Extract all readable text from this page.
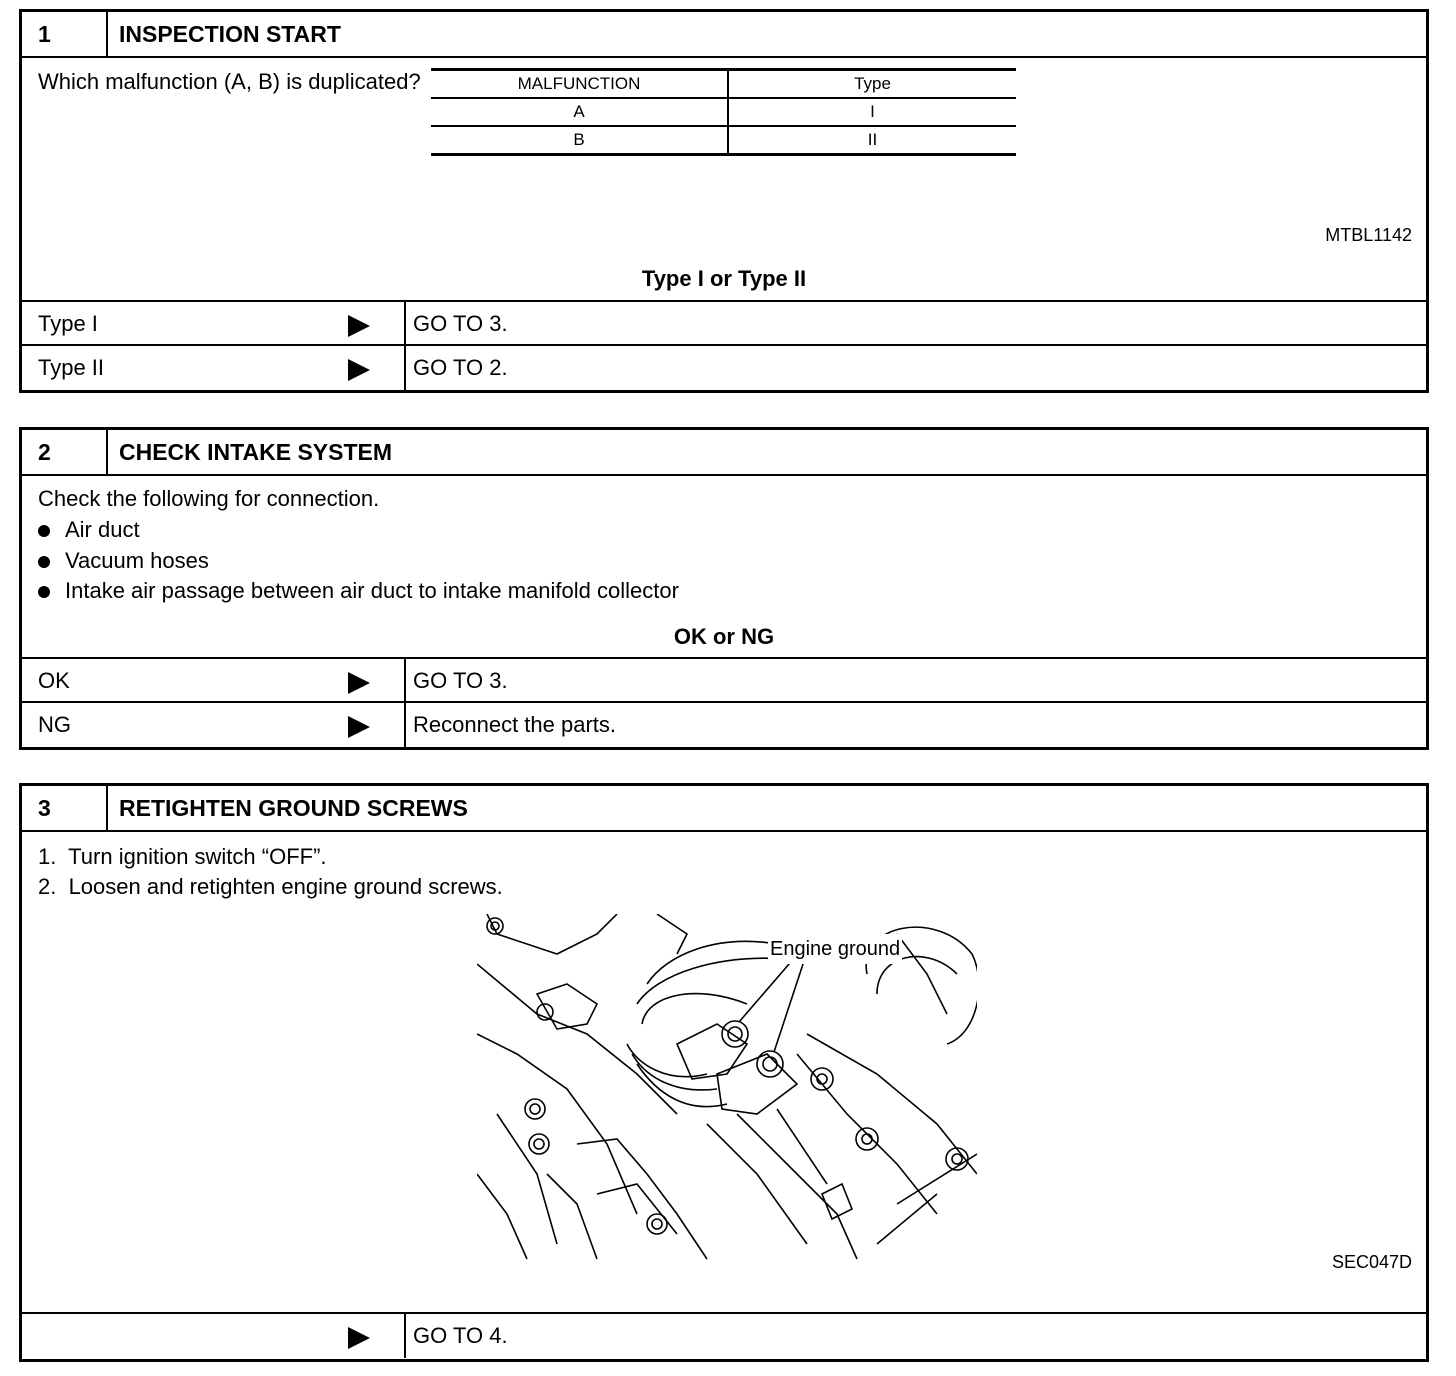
1	INSPECTION START
Which malfunction (A, B) is duplicated?	MALFUNCTION	Type
A	I
B	II
MTBL1142
Type I or Type II
Type I	GO TO 3.
Type II	GO TO 2.
2	CHECK INTAKE SYSTEM
Check the following for connection.
Air duct
Vacuum hoses
Intake air passage between air duct to intake manifold collector
OK or NG
OK	GO TO 3.
NG	Reconnect the parts.
3	RETIGHTEN GROUND SCREWS
1.  Turn ignition switch “OFF”.
2.  Loosen and retighten engine ground screws.
Engine ground
SEC047D
GO TO 4.
